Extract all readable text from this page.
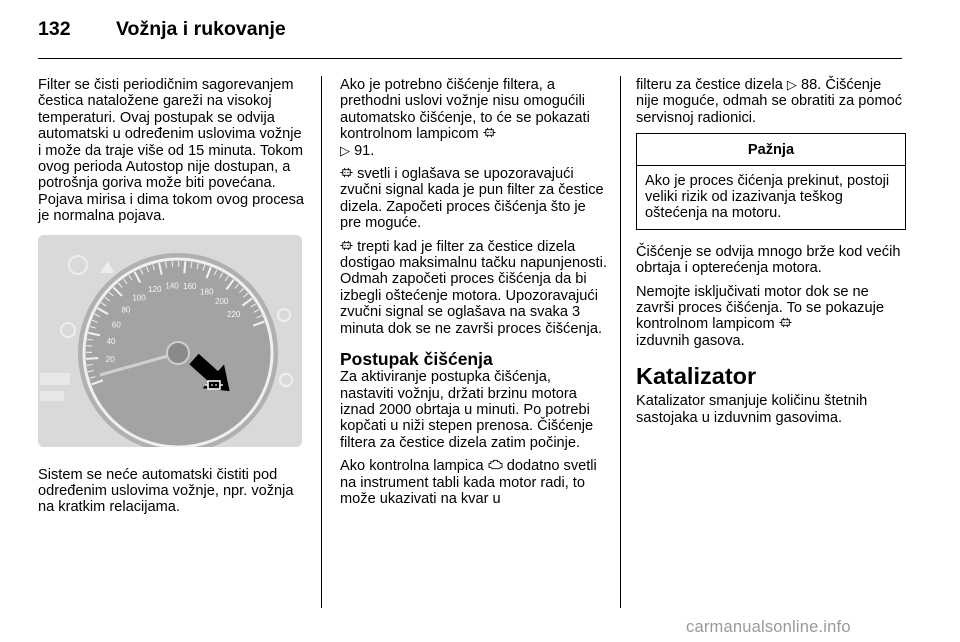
132 Vožnja i rukovanje

Filter se čisti periodičnim sagorevanjem čestica nataložene gareži na visokoj temperaturi. Ovaj postupak se odvija automatski u određenim uslovima vožnje i može da traje više od 15 minuta. Tokom ovog perioda Autostop nije dostupan, a potrošnja goriva može biti povećana. Pojava mirisa i dima tokom ovog procesa je normalna pojava.

20
40
60
80
100
120 140 160
180
200
220

Sistem se neće automatski čistiti pod određenim uslovima vožnje, npr. vožnja na kratkim relacijama.

Ako je potrebno čišćenje filtera, a prethodni uslovi vožnje nisu omogućili automatsko čišćenje, to će se pokazati kontrolnom lampicom
▷ 91.

svetli i oglašava se upozoravajući zvučni signal kada je pun filter za čestice dizela. Započeti proces čišćenja što je pre moguće.

trepti kad je filter za čestice dizela dostigao maksimalnu tačku napunjenosti. Odmah započeti proces čišćenja da bi izbegli oštećenje motora. Upozoravajući zvučni signal se oglašava na svaka 3 minuta dok se ne završi proces čišćenja.

Postupak čišćenja

Za aktiviranje postupka čišćenja, nastaviti vožnju, držati brzinu motora iznad 2000 obrtaja u minuti. Po potrebi kopčati u niži stepen prenosa. Čišćenje filtera za čestice dizela zatim počinje.

Ako kontrolna lampica dodatno svetli na instrument tabli kada motor radi, to može ukazivati na kvar u

filteru za čestice dizela ▷ 88. Čišćenje nije moguće, odmah se obratiti za pomoć servisnoj radionici.

Pažnja
Ako je proces čićenja prekinut, postoji veliki rizik od izazivanja teškog oštećenja na motoru.

Čišćenje se odvija mnogo brže kod većih obrtaja i opterećenja motora.

Nemojte isključivati motor dok se ne završi proces čišćenja. To se pokazuje kontrolnom lampicom
izduvnih gasova.

Katalizator

Katalizator smanjuje količinu štetnih sastojaka u izduvnim gasovima.

carmanualsonline.info
